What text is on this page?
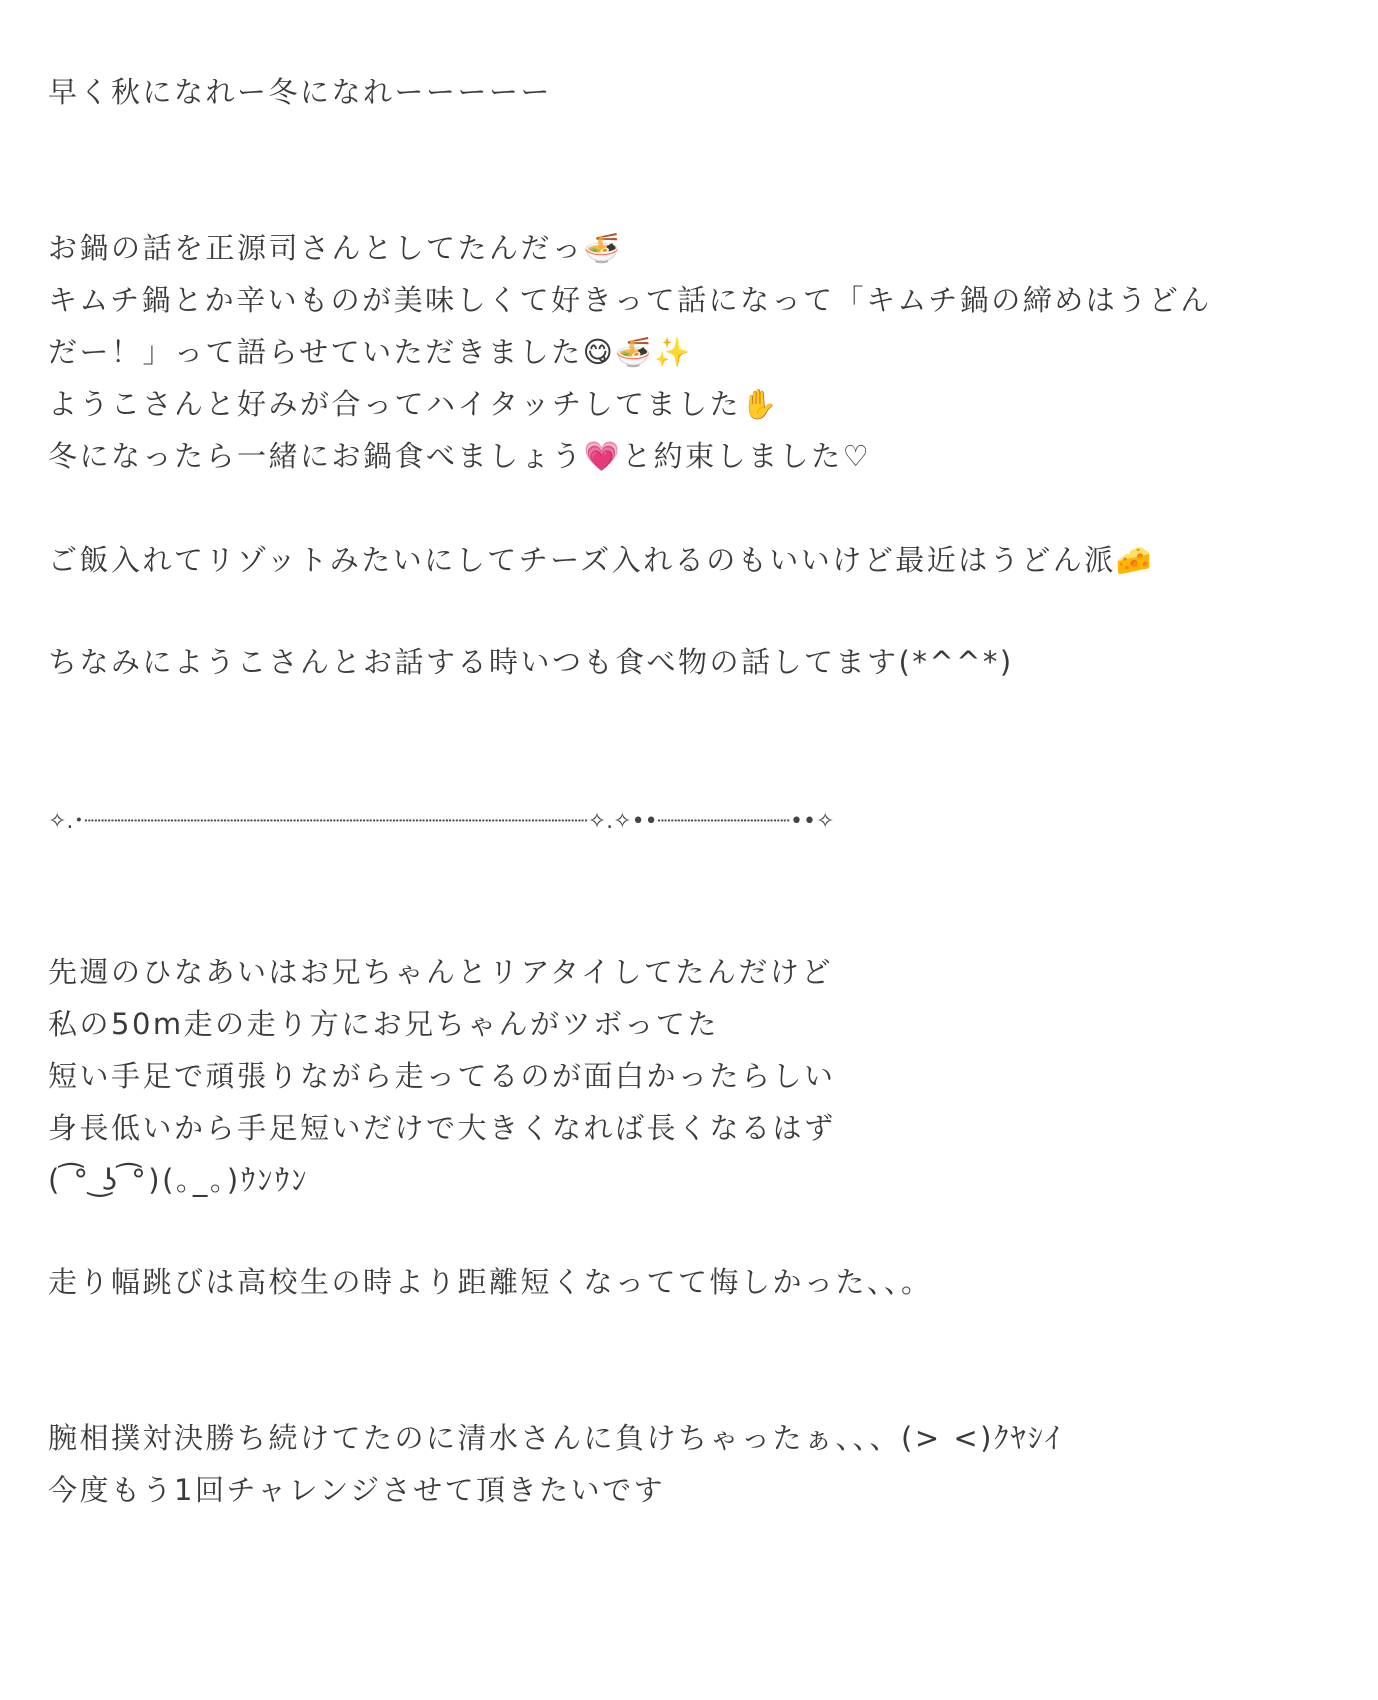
早く秋になれー冬になれーーーーー
お鍋の話を正源司さんとしてたんだっ🍜
キムチ鍋とか辛いものが美味しくて好きって話になって「キムチ鍋の締めはうどん
だー！」って語らせていただきました😋🍜✨
ようこさんと好みが合ってハイタッチしてました✋
冬になったら一緒にお鍋食べましょう💗と約束しました♡
ご飯入れてリゾットみたいにしてチーズ入れるのもいいけど最近はうどん派🧀
ちなみにようこさんとお話する時いつも食べ物の話してます(*^^*)
✧.･┈┈┈┈┈┈┈┈┈┈┈┈┈┈┈┈┈┈┈┈┈┈┈┈┈┈┈┈┈┈┈┈┈┈┈┈┈┈✧.✧••┈┈┈┈┈┈┈┈┈┈••✧
先週のひなあいはお兄ちゃんとリアタイしてたんだけど
私の50m走の走り方にお兄ちゃんがツボってた
短い手足で頑張りながら走ってるのが面白かったらしい
身長低いから手足短いだけで大きくなれば長くなるはず
( ͡° ͜ʖ ͡°)(｡_｡)ｳﾝｳﾝ
走り幅跳びは高校生の時より距離短くなってて悔しかった、、。
腕相撲対決勝ち続けてたのに清水さんに負けちゃったぁ、、、(> <)ｸﾔｼｲ
今度もう1回チャレンジさせて頂きたいです
